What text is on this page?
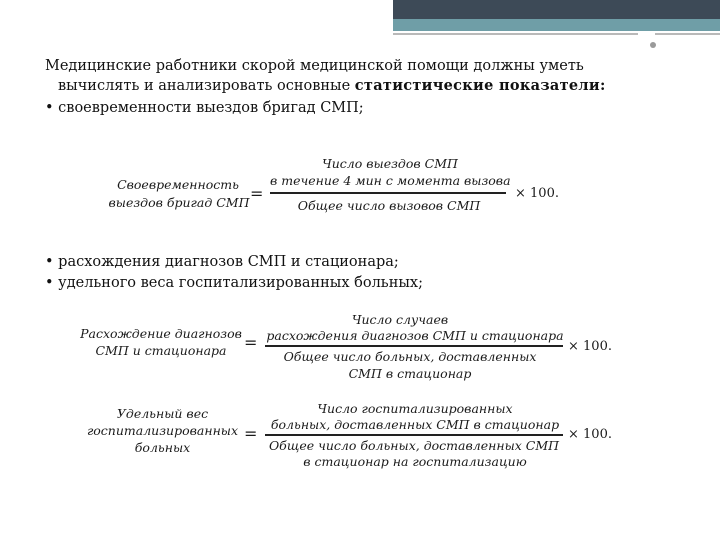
Медицинские работники скорой медицинской помощи должны уметь
вычислять и анализировать основные статистические показатели:
• своевременности выездов бригад СМП;
Своевременность
выездов бригад СМП =
Число выездов СМП
в течение 4 мин с момента вызова
Общее число вызовов СМП
× 100.
• расхождения диагнозов СМП и стационара;
• удельного веса госпитализированных больных;
Расхождение диагнозов
СМП и стационара	=
Число случаев
расхождения диагнозов СМП и стационара
Общее число больных, доставленных
СМП в стационар
× 100.
Удельный вес
госпитализированных
больных
=
Число госпитализированных
больных, доставленных СМП в стационар
Общее число больных, доставленных СМП
в стационар на госпитализацию
× 100.
